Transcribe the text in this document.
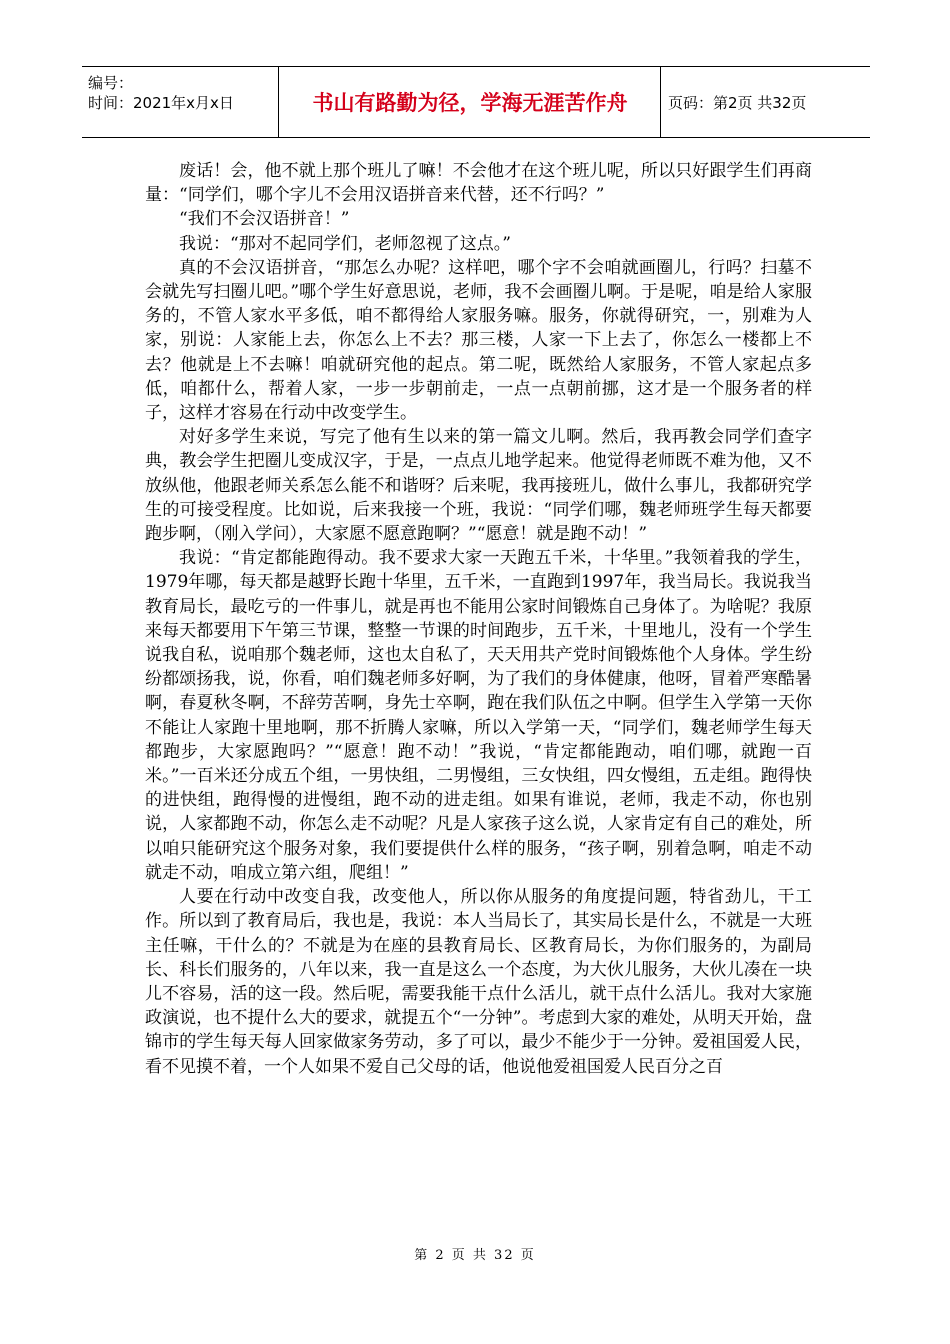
编号：
时间：2021年x月x日	书山有路勤为径，学海无涯苦作舟	页码：第2页 共32页

废话！会，他不就上那个班儿了嘛！不会他才在这个班儿呢，所以只好跟学生们再商量：“同学们，哪个字儿不会用汉语拼音来代替，还不行吗？”

“我们不会汉语拼音！”

我说：“那对不起同学们，老师忽视了这点。”

真的不会汉语拼音，“那怎么办呢？这样吧，哪个字不会咱就画圈儿，行吗？扫墓不会就先写扫圈儿吧。”哪个学生好意思说，老师，我不会画圈儿啊。于是呢，咱是给人家服务的，不管人家水平多低，咱不都得给人家服务嘛。服务，你就得研究，一，别难为人家，别说：人家能上去，你怎么上不去？那三楼，人家一下上去了，你怎么一楼都上不去？他就是上不去嘛！咱就研究他的起点。第二呢，既然给人家服务，不管人家起点多低，咱都什么，帮着人家，一步一步朝前走，一点一点朝前挪，这才是一个服务者的样子，这样才容易在行动中改变学生。

对好多学生来说，写完了他有生以来的第一篇文儿啊。然后，我再教会同学们查字典，教会学生把圈儿变成汉字，于是，一点点儿地学起来。他觉得老师既不难为他，又不放纵他，他跟老师关系怎么能不和谐呀？后来呢，我再接班儿，做什么事儿，我都研究学生的可接受程度。比如说，后来我接一个班，我说：“同学们哪，魏老师班学生每天都要跑步啊，（刚入学问），大家愿不愿意跑啊？”“愿意！就是跑不动！”

我说：“肯定都能跑得动。我不要求大家一天跑五千米，十华里。”我领着我的学生，1979年哪，每天都是越野长跑十华里，五千米，一直跑到1997年，我当局长。我说我当教育局长，最吃亏的一件事儿，就是再也不能用公家时间锻炼自己身体了。为啥呢？我原来每天都要用下午第三节课，整整一节课的时间跑步，五千米，十里地儿，没有一个学生说我自私，说咱那个魏老师，这也太自私了，天天用共产党时间锻炼他个人身体。学生纷纷都颂扬我，说，你看，咱们魏老师多好啊，为了我们的身体健康，他呀，冒着严寒酷暑啊，春夏秋冬啊，不辞劳苦啊，身先士卒啊，跑在我们队伍之中啊。但学生入学第一天你不能让人家跑十里地啊，那不折腾人家嘛，所以入学第一天，“同学们，魏老师学生每天都跑步，大家愿跑吗？”“愿意！跑不动！”我说，“肯定都能跑动，咱们哪，就跑一百米。”一百米还分成五个组，一男快组，二男慢组，三女快组，四女慢组，五走组。跑得快的进快组，跑得慢的进慢组，跑不动的进走组。如果有谁说，老师，我走不动，你也别说，人家都跑不动，你怎么走不动呢？凡是人家孩子这么说，人家肯定有自己的难处，所以咱只能研究这个服务对象，我们要提供什么样的服务，“孩子啊，别着急啊，咱走不动就走不动，咱成立第六组，爬组！”

人要在行动中改变自我，改变他人，所以你从服务的角度提问题，特省劲儿，干工作。所以到了教育局后，我也是，我说：本人当局长了，其实局长是什么，不就是一大班主任嘛，干什么的？不就是为在座的县教育局长、区教育局长，为你们服务的，为副局长、科长们服务的，八年以来，我一直是这么一个态度，为大伙儿服务，大伙儿凑在一块儿不容易，活的这一段。然后呢，需要我能干点什么活儿，就干点什么活儿。我对大家施政演说，也不提什么大的要求，就提五个“一分钟”。考虑到大家的难处，从明天开始，盘锦市的学生每天每人回家做家务劳动，多了可以，最少不能少于一分钟。爱祖国爱人民，看不见摸不着，一个人如果不爱自己父母的话，他说他爱祖国爱人民百分之百

第 2 页 共 32 页
